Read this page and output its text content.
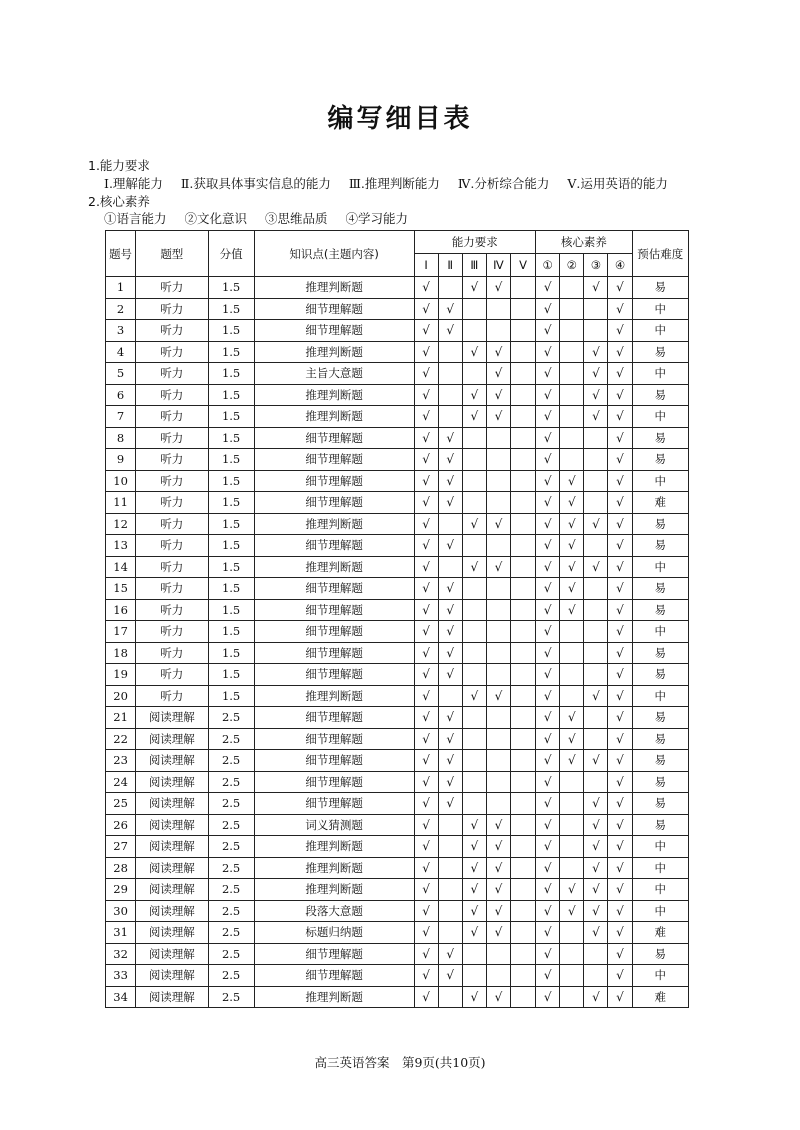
编写细目表
1.能力要求
Ⅰ.理解能力 Ⅱ.获取具体事实信息的能力 Ⅲ.推理判断能力 Ⅳ.分析综合能力 Ⅴ.运用英语的能力
2.核心素养
①语言能力 ②文化意识 ③思维品质 ④学习能力
题号	题型	分值	知识点(主题内容)	能力要求					核心素养				预估难度
				Ⅰ	Ⅱ	Ⅲ	Ⅳ	Ⅴ	①	②	③	④	
1	听力	1.5	推理判断题	√		√	√		√		√	√	易
2	听力	1.5	细节理解题	√	√				√			√	中
3	听力	1.5	细节理解题	√	√				√			√	中
4	听力	1.5	推理判断题	√		√	√		√		√	√	易
5	听力	1.5	主旨大意题	√			√		√		√	√	中
6	听力	1.5	推理判断题	√		√	√		√		√	√	易
7	听力	1.5	推理判断题	√		√	√		√		√	√	中
8	听力	1.5	细节理解题	√	√				√			√	易
9	听力	1.5	细节理解题	√	√				√			√	易
10	听力	1.5	细节理解题	√	√				√	√		√	中
11	听力	1.5	细节理解题	√	√				√	√		√	难
12	听力	1.5	推理判断题	√		√	√		√	√	√	√	易
13	听力	1.5	细节理解题	√	√				√	√		√	易
14	听力	1.5	推理判断题	√		√	√		√	√	√	√	中
15	听力	1.5	细节理解题	√	√				√	√		√	易
16	听力	1.5	细节理解题	√	√				√	√		√	易
17	听力	1.5	细节理解题	√	√				√			√	中
18	听力	1.5	细节理解题	√	√				√			√	易
19	听力	1.5	细节理解题	√	√				√			√	易
20	听力	1.5	推理判断题	√		√	√		√		√	√	中
21	阅读理解	2.5	细节理解题	√	√				√	√		√	易
22	阅读理解	2.5	细节理解题	√	√				√	√		√	易
23	阅读理解	2.5	细节理解题	√	√				√	√	√	√	易
24	阅读理解	2.5	细节理解题	√	√				√			√	易
25	阅读理解	2.5	细节理解题	√	√				√		√	√	易
26	阅读理解	2.5	词义猜测题	√		√	√		√		√	√	易
27	阅读理解	2.5	推理判断题	√		√	√		√		√	√	中
28	阅读理解	2.5	推理判断题	√		√	√		√		√	√	中
29	阅读理解	2.5	推理判断题	√		√	√		√	√	√	√	中
30	阅读理解	2.5	段落大意题	√		√	√		√	√	√	√	中
31	阅读理解	2.5	标题归纳题	√		√	√		√		√	√	难
32	阅读理解	2.5	细节理解题	√	√				√			√	易
33	阅读理解	2.5	细节理解题	√	√				√			√	中
34	阅读理解	2.5	推理判断题	√		√	√		√		√	√	难
高三英语答案　第9页(共10页)
